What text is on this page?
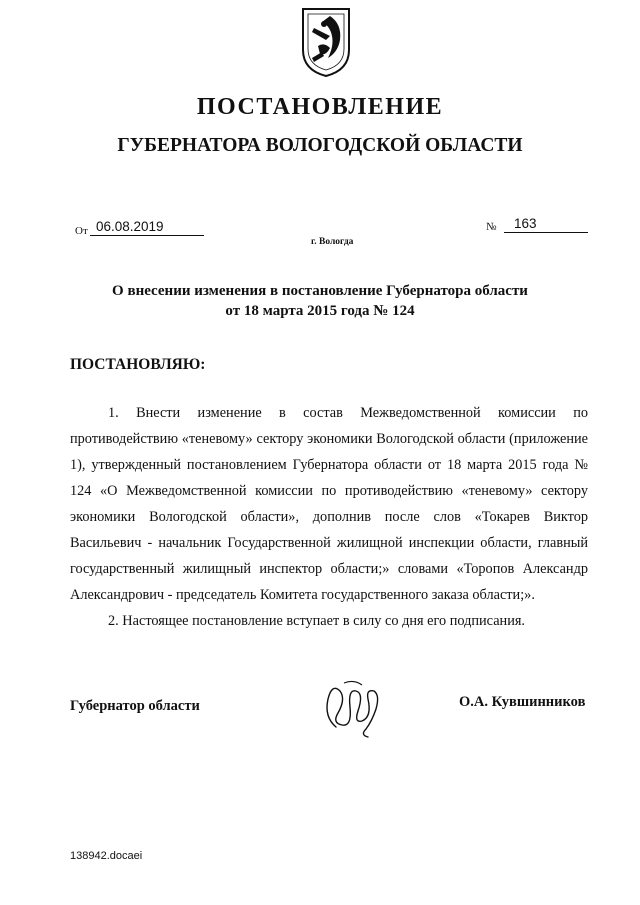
ПОСТАНОВЛЕНИЕ
ГУБЕРНАТОРА ВОЛОГОДСКОЙ ОБЛАСТИ
От 06.08.2019	№	163
г. Вологда
О внесении изменения в постановление Губернатора области
от 18 марта 2015 года № 124
ПОСТАНОВЛЯЮ:

1. Внести изменение в состав Межведомственной комиссии по противодействию «теневому» сектору экономики Вологодской области (приложение 1), утвержденный постановлением Губернатора области от 18 марта 2015 года № 124 «О Межведомственной комиссии по противодействию «теневому» сектору экономики Вологодской области», дополнив после слов «Токарев Виктор Васильевич - начальник Государственной жилищной инспекции области, главный государственный жилищный инспектор области;» словами «Торопов Александр Александрович - председатель Комитета государственного заказа области;».

2. Настоящее постановление вступает в силу со дня его подписания.

Губернатор области	О.А. Кувшинников
138942.docaei
